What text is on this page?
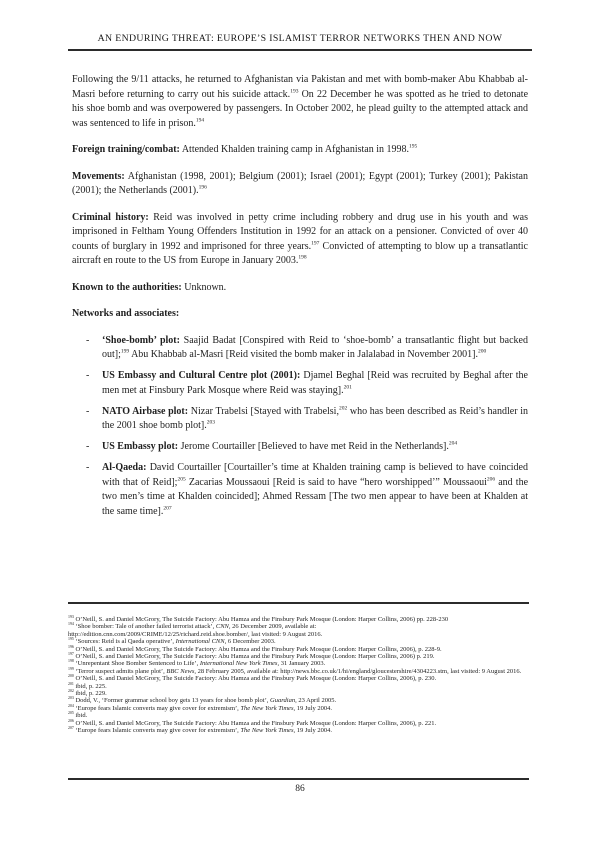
AN ENDURING THREAT: EUROPE’S ISLAMIST TERROR NETWORKS THEN AND NOW
Following the 9/11 attacks, he returned to Afghanistan via Pakistan and met with bomb-maker Abu Khabbab al-Masri before returning to carry out his suicide attack.$^{193}$ On 22 December he was spotted as he tried to detonate his shoe bomb and was overpowered by passengers. In October 2002, he plead guilty to the attempted attack and was sentenced to life in prison.$^{194}$
Foreign training/combat: Attended Khalden training camp in Afghanistan in 1998.$^{195}$
Movements: Afghanistan (1998, 2001); Belgium (2001); Israel (2001); Egypt (2001); Turkey (2001); Pakistan (2001); the Netherlands (2001).$^{196}$
Criminal history: Reid was involved in petty crime including robbery and drug use in his youth and was imprisoned in Feltham Young Offenders Institution in 1992 for an attack on a pensioner. Convicted of over 40 counts of burglary in 1992 and imprisoned for three years.$^{197}$ Convicted of attempting to blow up a transatlantic aircraft en route to the US from Europe in January 2003.$^{198}$
Known to the authorities: Unknown.
Networks and associates:
- ‘Shoe-bomb’ plot: Saajid Badat [Conspired with Reid to ‘shoe-bomb’ a transatlantic flight but backed out];$^{199}$ Abu Khabbab al-Masri [Reid visited the bomb maker in Jalalabad in November 2001].$^{200}$
- US Embassy and Cultural Centre plot (2001): Djamel Beghal [Reid was recruited by Beghal after the men met at Finsbury Park Mosque where Reid was staying].$^{201}$
- NATO Airbase plot: Nizar Trabelsi [Stayed with Trabelsi,$^{202}$ who has been described as Reid’s handler in the 2001 shoe bomb plot].$^{203}$
- US Embassy plot: Jerome Courtailler [Believed to have met Reid in the Netherlands].$^{204}$
- Al-Qaeda: David Courtailler [Courtailler’s time at Khalden training camp is believed to have coincided with that of Reid];$^{205}$ Zacarias Moussaoui [Reid is said to have “hero worshipped’” Moussaoui$^{206}$ and the two men’s time at Khalden coincided]; Ahmed Ressam [The two men appear to have been at Khalden at the same time].$^{207}$
$^{193}$ O’Neill, S. and Daniel McGrory, The Suicide Factory: Abu Hamza and the Finsbury Park Mosque (London: Harper Collins, 2006) pp. 228-230
$^{194}$ ‘Shoe bomber: Tale of another failed terrorist attack’, CNN, 26 December 2009, available at:
http://edition.cnn.com/2009/CRIME/12/25/richard.reid.shoe.bomber/, last visited: 9 August 2016.
$^{195}$ ‘Sources: Reid is al Qaeda operative’, International CNN, 6 December 2003.
$^{196}$ O’Neill, S. and Daniel McGrory, The Suicide Factory: Abu Hamza and the Finsbury Park Mosque (London: Harper Collins, 2006), p. 228-9.
$^{197}$ O’Neill, S. and Daniel McGrory, The Suicide Factory: Abu Hamza and the Finsbury Park Mosque (London: Harper Collins, 2006) p. 219.
$^{198}$ ‘Unrepentant Shoe Bomber Sentenced to Life’, International New York Times, 31 January 2003.
$^{199}$ ‘Terror suspect admits plane plot’, BBC News, 28 February 2005, available at: http://news.bbc.co.uk/1/hi/england/gloucestershire/4304223.stm, last visited: 9 August 2016.
$^{200}$ O’Neill, S. and Daniel McGrory, The Suicide Factory: Abu Hamza and the Finsbury Park Mosque (London: Harper Collins, 2006), p. 230.
$^{201}$ ibid, p. 225.
$^{202}$ ibid, p. 229.
$^{203}$ Dodd, V., ‘Former grammar school boy gets 13 years for shoe bomb plot’, Guardian, 23 April 2005.
$^{204}$ ‘Europe fears Islamic converts may give cover for extremism’, The New York Times, 19 July 2004.
$^{205}$ ibid.
$^{206}$ O’Neill, S. and Daniel McGrory, The Suicide Factory: Abu Hamza and the Finsbury Park Mosque (London: Harper Collins, 2006), p. 221.
$^{207}$ ‘Europe fears Islamic converts may give cover for extremism’, The New York Times, 19 July 2004.
86
